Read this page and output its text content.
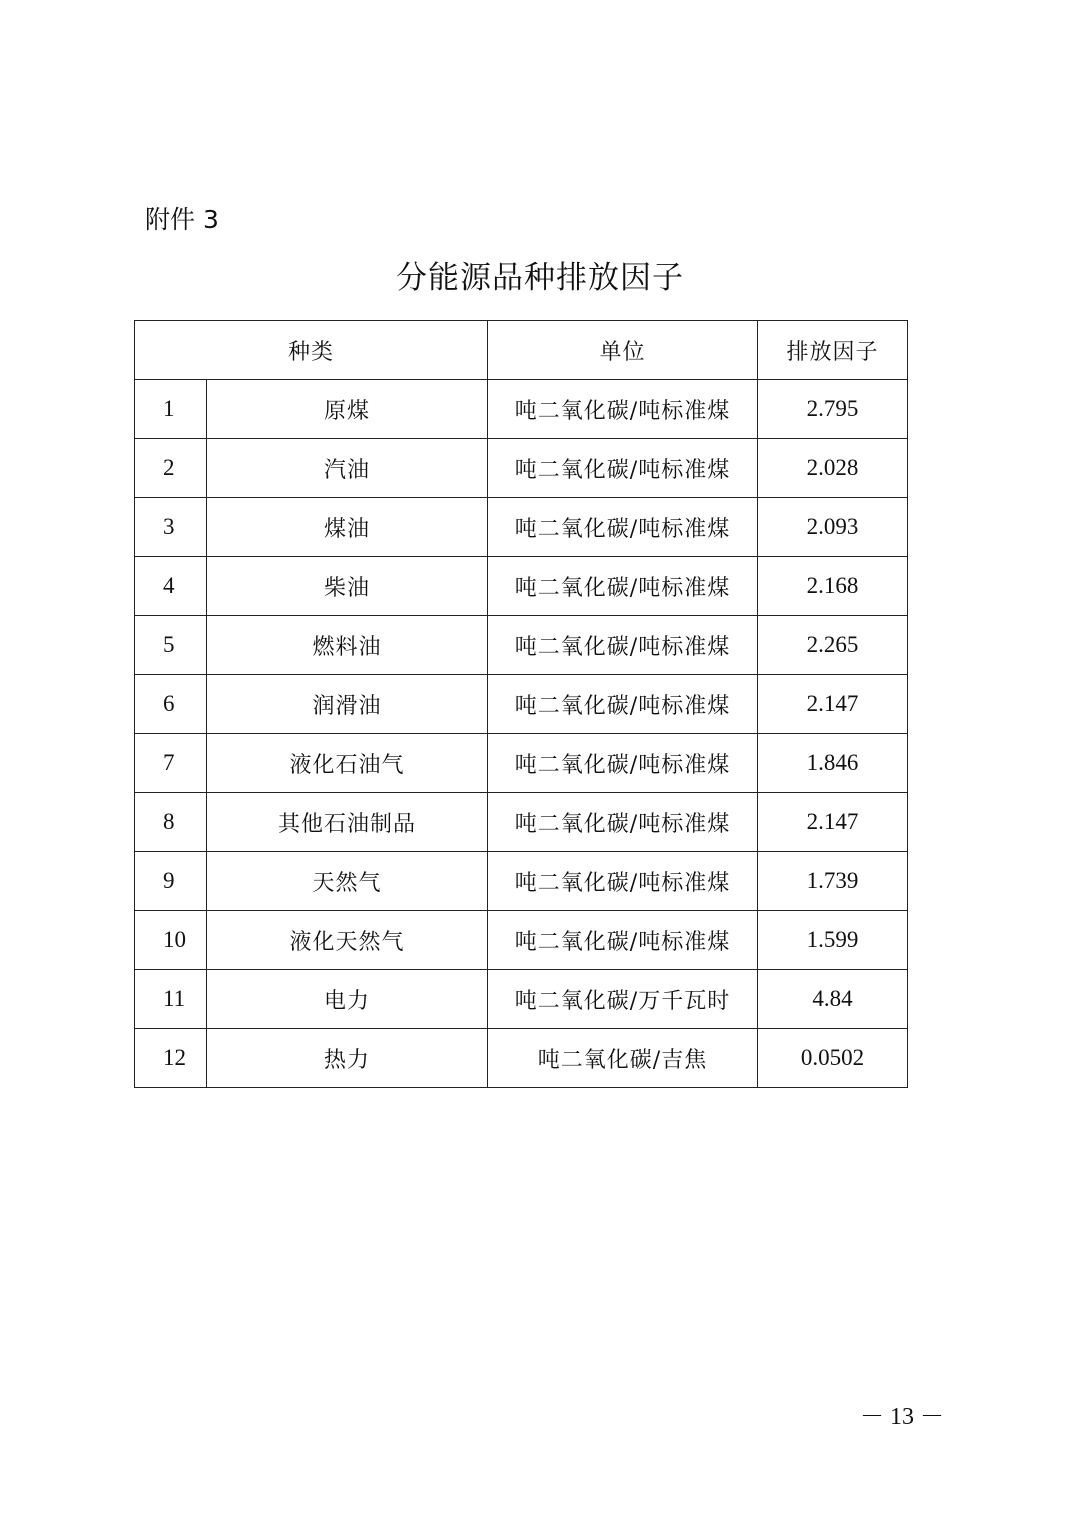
附件 3
分能源品种排放因子
种类		单位	排放因子
1	原煤	吨二氧化碳/吨标准煤	2.795
2	汽油	吨二氧化碳/吨标准煤	2.028
3	煤油	吨二氧化碳/吨标准煤	2.093
4	柴油	吨二氧化碳/吨标准煤	2.168
5	燃料油	吨二氧化碳/吨标准煤	2.265
6	润滑油	吨二氧化碳/吨标准煤	2.147
7	液化石油气	吨二氧化碳/吨标准煤	1.846
8	其他石油制品	吨二氧化碳/吨标准煤	2.147
9	天然气	吨二氧化碳/吨标准煤	1.739
10	液化天然气	吨二氧化碳/吨标准煤	1.599
11	电力	吨二氧化碳/万千瓦时	4.84
12	热力	吨二氧化碳/吉焦	0.0502
－ 13 －
